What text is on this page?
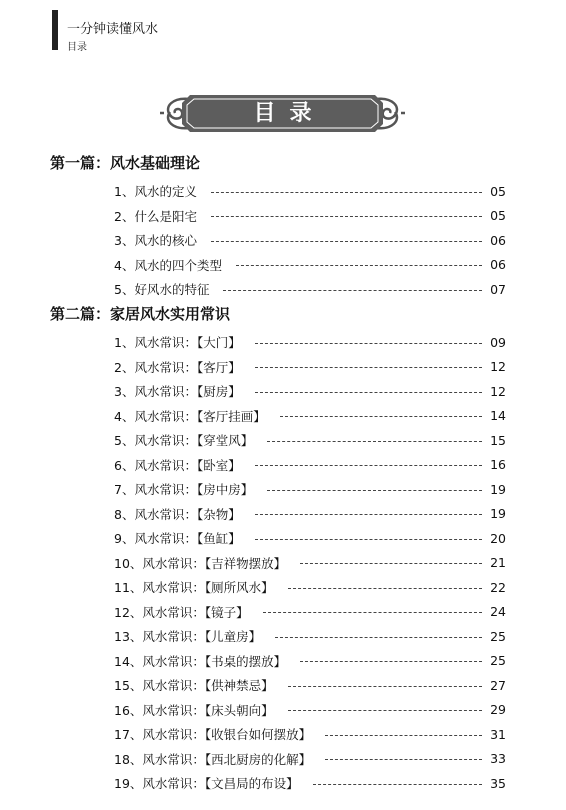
一分钟读懂风水
目录
目录
第一篇：风水基础理论
1、风水的定义	05
2、什么是阳宅	05
3、风水的核心	06
4、风水的四个类型	06
5、好风水的特征	07
第二篇：家居风水实用常识
1、风水常识：【大门】	09
2、风水常识：【客厅】	12
3、风水常识：【厨房】	12
4、风水常识：【客厅挂画】	14
5、风水常识：【穿堂风】	15
6、风水常识：【卧室】	16
7、风水常识：【房中房】	19
8、风水常识：【杂物】	19
9、风水常识：【鱼缸】	20
10、风水常识：【吉祥物摆放】	21
11、风水常识：【厕所风水】	22
12、风水常识：【镜子】	24
13、风水常识：【儿童房】	25
14、风水常识：【书桌的摆放】	25
15、风水常识：【供神禁忌】	27
16、风水常识：【床头朝向】	29
17、风水常识：【收银台如何摆放】	31
18、风水常识：【西北厨房的化解】	33
19、风水常识：【文昌局的布设】	35
